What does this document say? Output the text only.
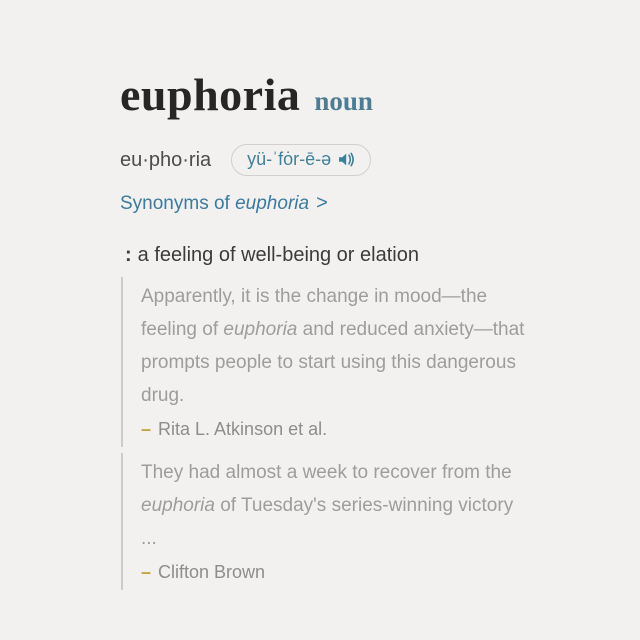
euphoria noun
eu·pho·ria yü-ˈfȯr-ē-ə
Synonyms of
euphoria >
: a feeling of well-being or elation
Apparently, it is the change in mood—the feeling of euphoria and reduced anxiety—that prompts people to start using this dangerous drug.
– Rita L. Atkinson et al.
They had almost a week to recover from the euphoria of Tuesday's series-winning victory ...
– Clifton Brown
